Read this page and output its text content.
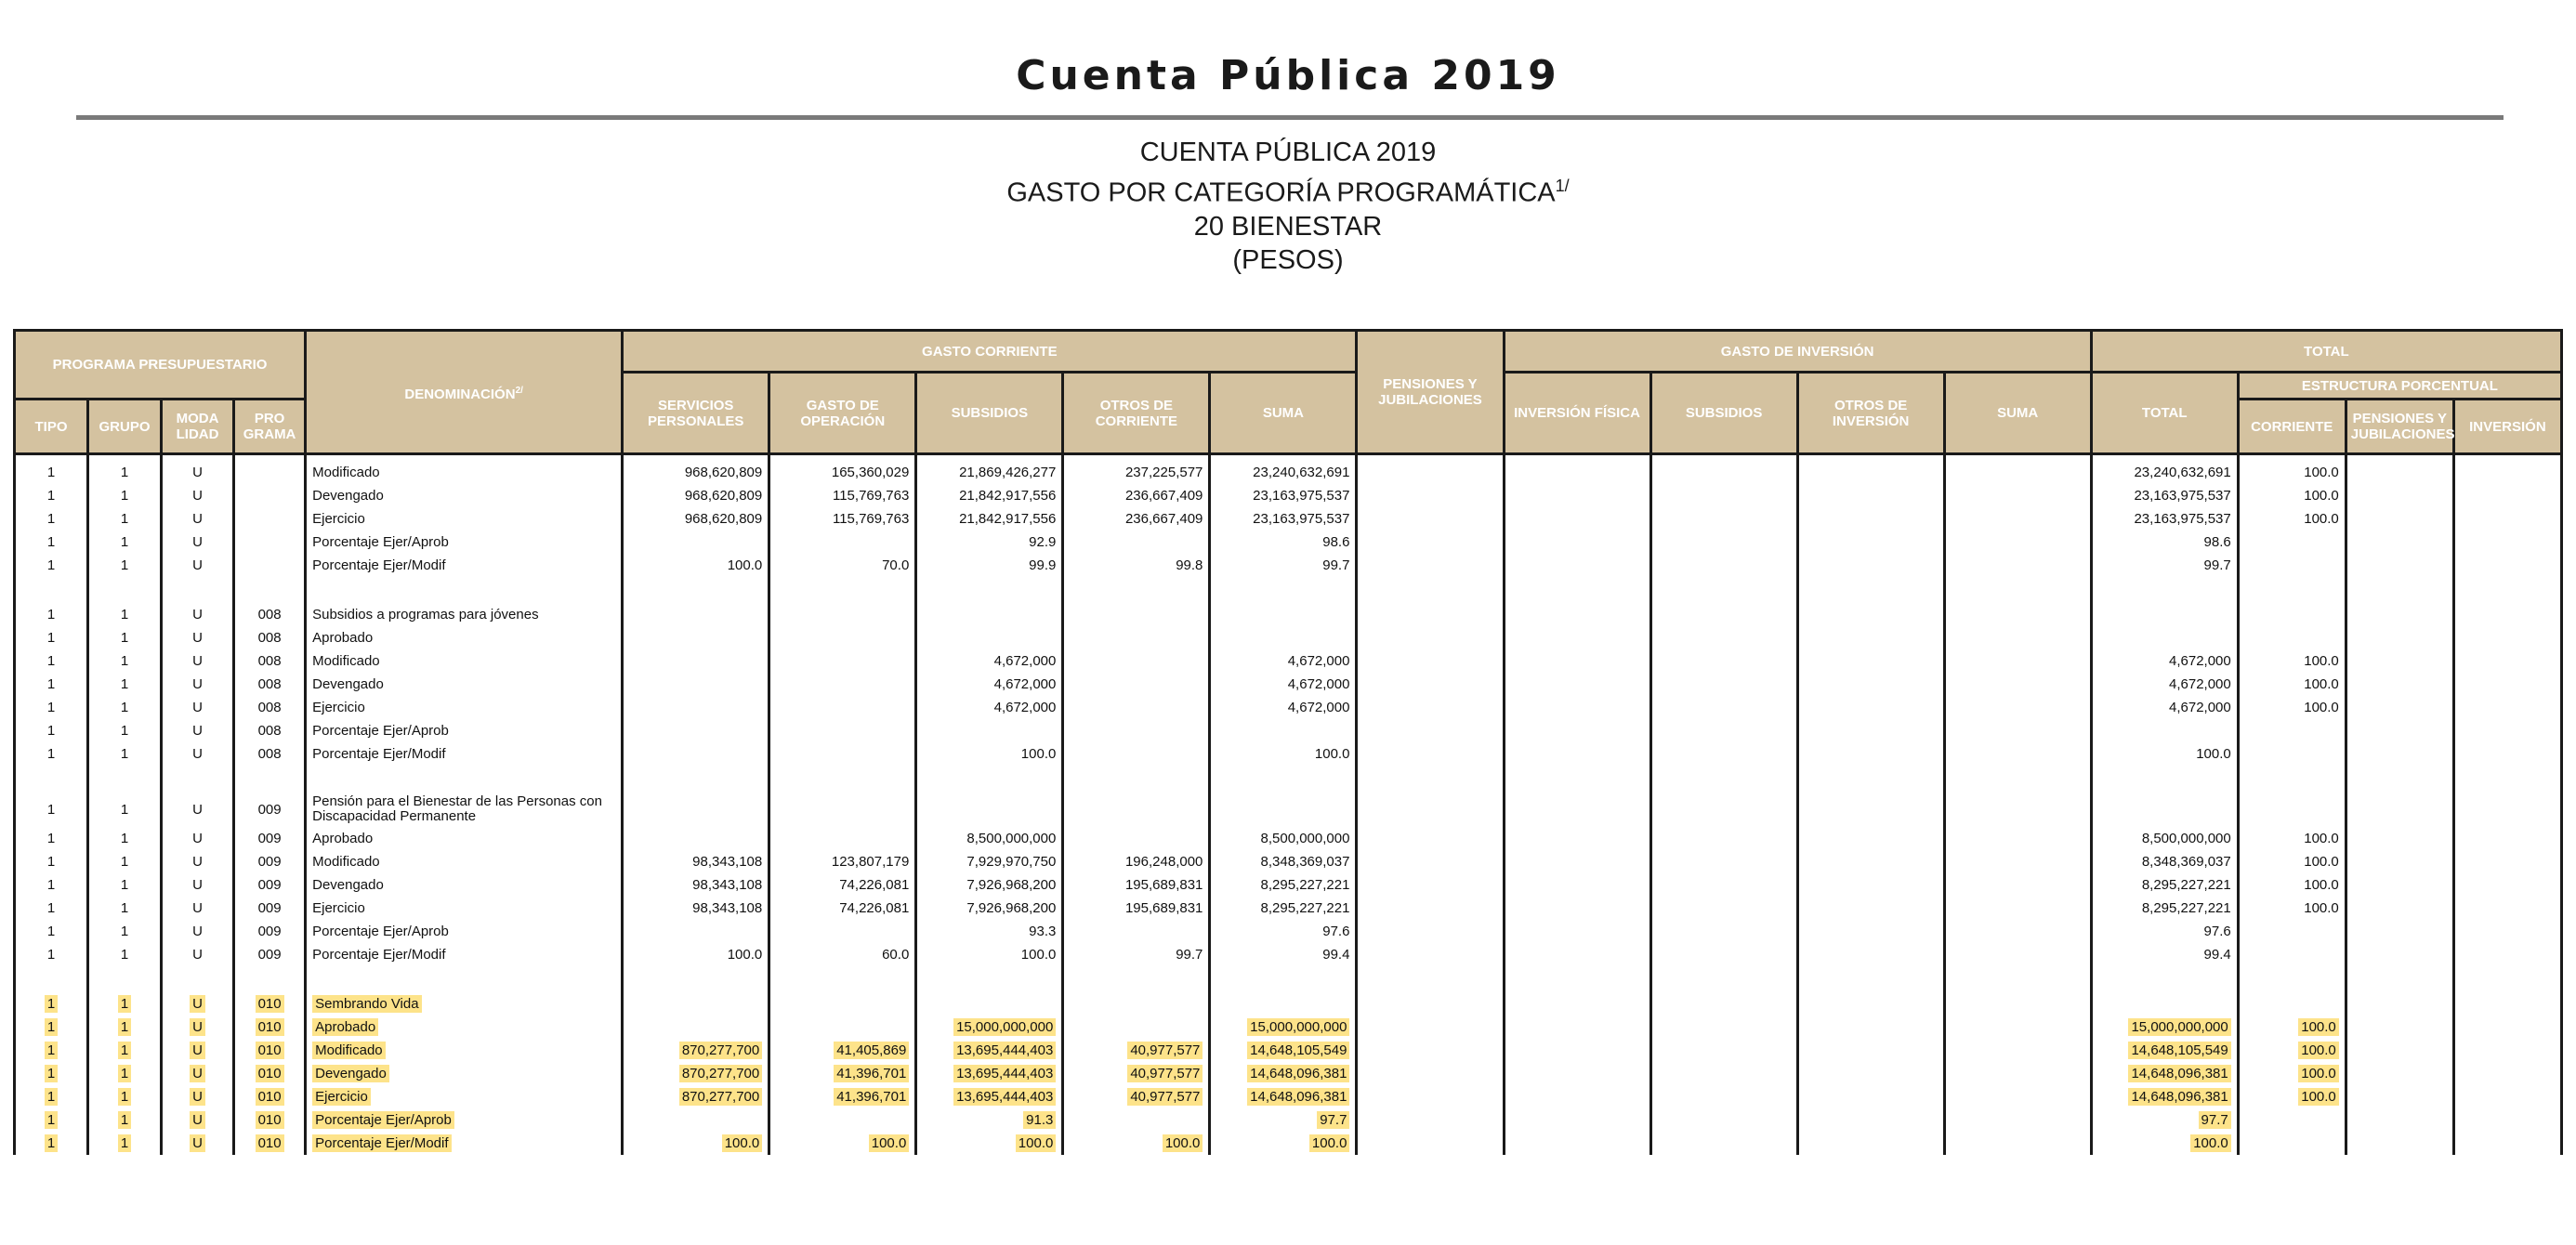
Cuenta Pública 2019
CUENTA PÚBLICA 2019
GASTO POR CATEGORÍA $PROGRAMÁTICA^{1/}$
20 BIENESTAR
(PESOS)
PROGRAMA PRESUPUESTARIO				$DENOMINACIÓN^{2/}$	GASTO CORRIENTE					PENSIONES Y JUBILACIONES	GASTO DE INVERSIÓN				TOTAL			
					SERVICIOS PERSONALES	GASTO DE OPERACIÓN	SUBSIDIOS	OTROS DE CORRIENTE	SUMA		INVERSIÓN FÍSICA	SUBSIDIOS	OTROS DE INVERSIÓN	SUMA	TOTAL	ESTRUCTURA PORCENTUAL		
TIPO	GRUPO	MODA LIDAD	PRO GRAMA													CORRIENTE	PENSIONES Y JUBILACIONES	INVERSIÓN
1	1	U		Modificado	968,620,809	165,360,029	21,869,426,277	237,225,577	23,240,632,691						23,240,632,691	100.0		
1	1	U		Devengado	968,620,809	115,769,763	21,842,917,556	236,667,409	23,163,975,537						23,163,975,537	100.0		
1	1	U		Ejercicio	968,620,809	115,769,763	21,842,917,556	236,667,409	23,163,975,537						23,163,975,537	100.0		
1	1	U		Porcentaje Ejer/Aprob			92.9		98.6						98.6			
1	1	U		Porcentaje Ejer/Modif	100.0	70.0	99.9	99.8	99.7						99.7			

1	1	U	008	Subsidios a programas para jóvenes														
1	1	U	008	Aprobado														
1	1	U	008	Modificado			4,672,000		4,672,000						4,672,000	100.0		
1	1	U	008	Devengado			4,672,000		4,672,000						4,672,000	100.0		
1	1	U	008	Ejercicio			4,672,000		4,672,000						4,672,000	100.0		
1	1	U	008	Porcentaje Ejer/Aprob														
1	1	U	008	Porcentaje Ejer/Modif			100.0		100.0						100.0			

1	1	U	009	Pensión para el Bienestar de las Personas con Discapacidad Permanente														
1	1	U	009	Aprobado			8,500,000,000		8,500,000,000						8,500,000,000	100.0		
1	1	U	009	Modificado	98,343,108	123,807,179	7,929,970,750	196,248,000	8,348,369,037						8,348,369,037	100.0		
1	1	U	009	Devengado	98,343,108	74,226,081	7,926,968,200	195,689,831	8,295,227,221						8,295,227,221	100.0		
1	1	U	009	Ejercicio	98,343,108	74,226,081	7,926,968,200	195,689,831	8,295,227,221						8,295,227,221	100.0		
1	1	U	009	Porcentaje Ejer/Aprob			93.3		97.6						97.6			
1	1	U	009	Porcentaje Ejer/Modif	100.0	60.0	100.0	99.7	99.4						99.4			

1	1	U	010	Sembrando Vida														
1	1	U	010	Aprobado			15,000,000,000		15,000,000,000						15,000,000,000	100.0		
1	1	U	010	Modificado	870,277,700	41,405,869	13,695,444,403	40,977,577	14,648,105,549						14,648,105,549	100.0		
1	1	U	010	Devengado	870,277,700	41,396,701	13,695,444,403	40,977,577	14,648,096,381						14,648,096,381	100.0		
1	1	U	010	Ejercicio	870,277,700	41,396,701	13,695,444,403	40,977,577	14,648,096,381						14,648,096,381	100.0		
1	1	U	010	Porcentaje Ejer/Aprob			91.3		97.7						97.7			
1	1	U	010	Porcentaje Ejer/Modif	100.0	100.0	100.0	100.0	100.0						100.0			
